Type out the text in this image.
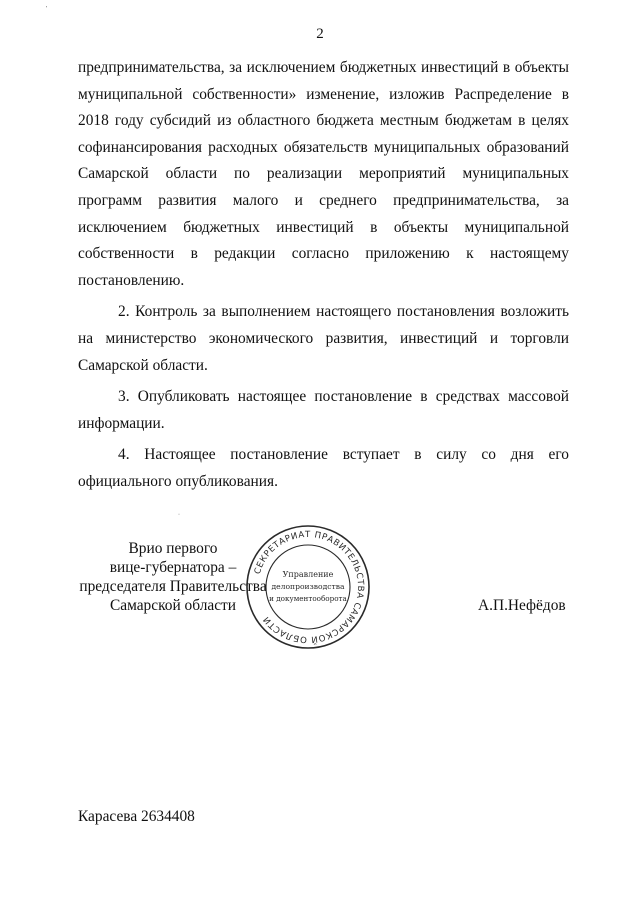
2

предпринимательства, за исключением бюджетных инвестиций в объекты муниципальной собственности» изменение, изложив Распределение в 2018 году субсидий из областного бюджета местным бюджетам в целях софинансирования расходных обязательств муниципальных образований Самарской области по реализации мероприятий муниципальных программ развития малого и среднего предпринимательства, за исключением бюджетных инвестиций в объекты муниципальной собственности в редакции согласно приложению к настоящему постановлению.

2. Контроль за выполнением настоящего постановления возложить на министерство экономического развития, инвестиций и торговли Самарской области.

3. Опубликовать настоящее постановление в средствах массовой информации.

4. Настоящее постановление вступает в силу со дня его официального опубликования.

Врио первого
вице-губернатора –
председателя Правительства
Самарской области
СЕКРЕТАРИАТ ПРАВИТЕЛЬСТВА САМАРСКОЙ ОБЛАСТИ
Управление
делопроизводства
и документооборота	А.П.Нефёдов
Карасева 2634408
′
·
